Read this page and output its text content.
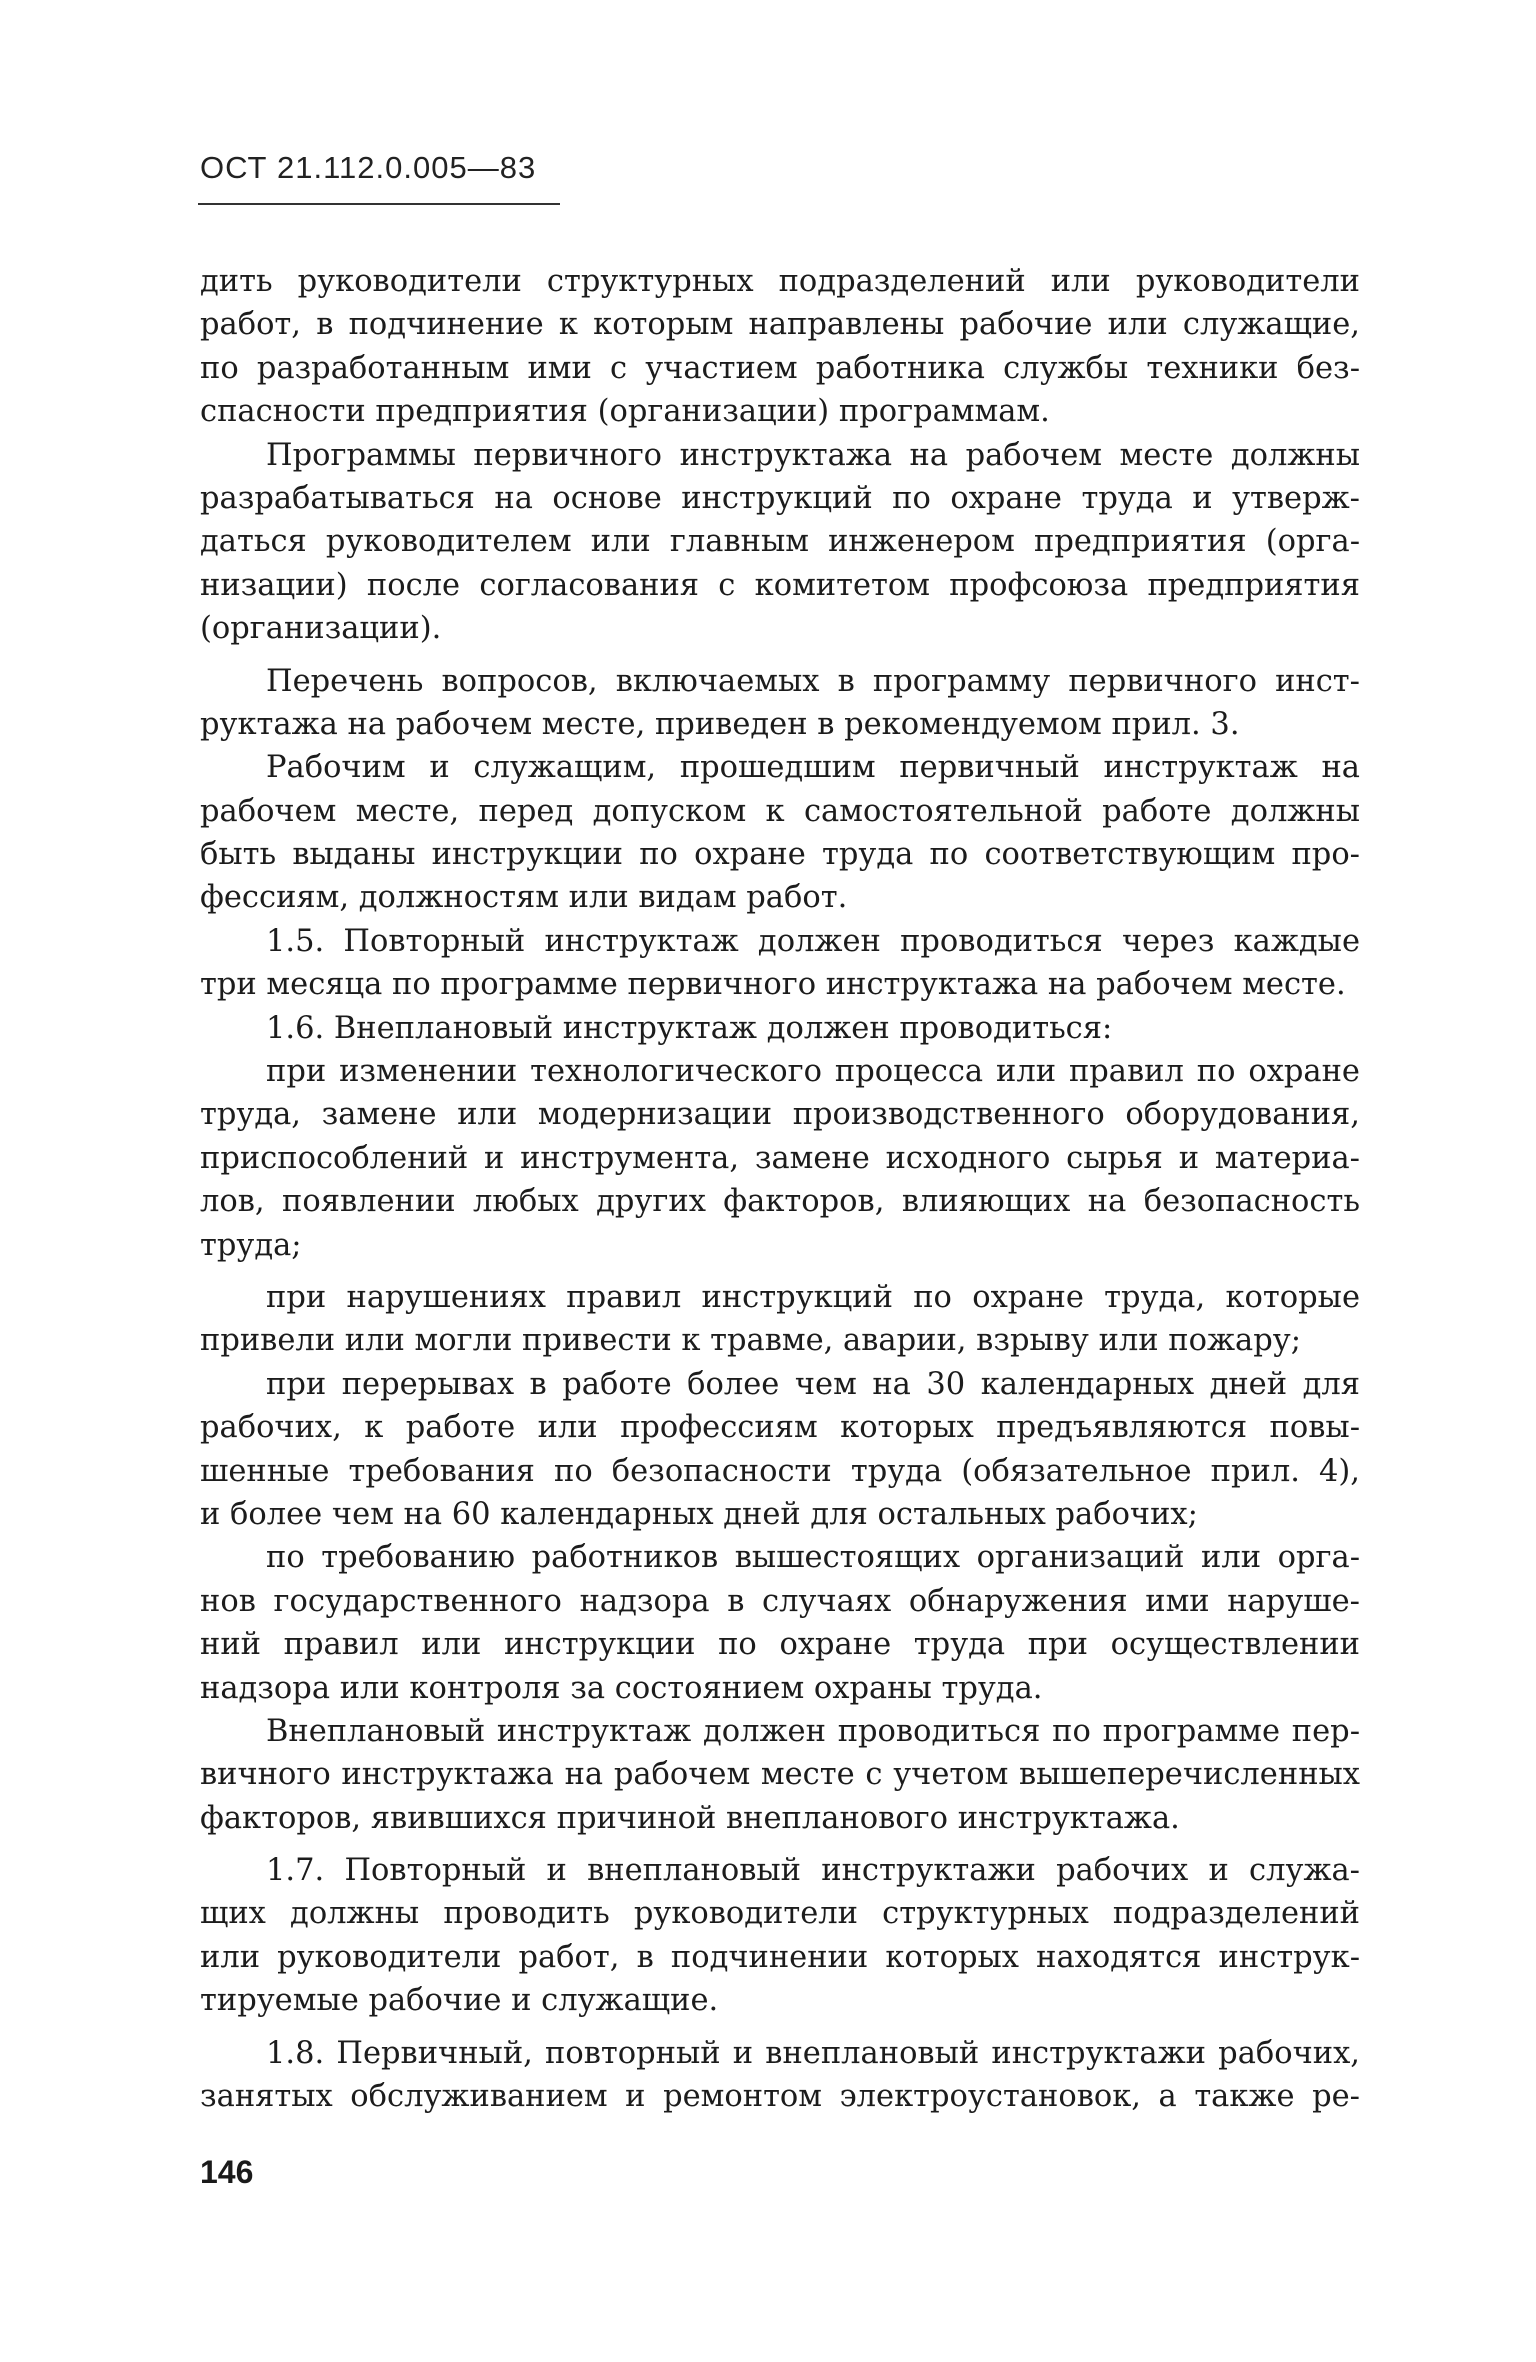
ОСТ 21.112.0.005—83
дить руководители структурных подразделений или руководители
работ, в подчинение к которым направлены рабочие или служащие,
по разработанным ими с участием работника службы техники без-
спасности предприятия (организации) программам.
Программы первичного инструктажа на рабочем месте должны
разрабатываться на основе инструкций по охране труда и утверж-
даться руководителем или главным инженером предприятия (орга-
низации) после согласования с комитетом профсоюза предприятия
(организации).
Перечень вопросов, включаемых в программу первичного инст-
руктажа на рабочем месте, приведен в рекомендуемом прил. 3.
Рабочим и служащим, прошедшим первичный инструктаж на
рабочем месте, перед допуском к самостоятельной работе должны
быть выданы инструкции по охране труда по соответствующим про-
фессиям, должностям или видам работ.
1.5. Повторный инструктаж должен проводиться через каждые
три месяца по программе первичного инструктажа на рабочем месте.
1.6. Внеплановый инструктаж должен проводиться:
при изменении технологического процесса или правил по охране
труда, замене или модернизации производственного оборудования,
приспособлений и инструмента, замене исходного сырья и материа-
лов, появлении любых других факторов, влияющих на безопасность
труда;
при нарушениях правил инструкций по охране труда, которые
привели или могли привести к травме, аварии, взрыву или пожару;
при перерывах в работе более чем на 30 календарных дней для
рабочих, к работе или профессиям которых предъявляются повы-
шенные требования по безопасности труда (обязательное прил. 4),
и более чем на 60 календарных дней для остальных рабочих;
по требованию работников вышестоящих организаций или орга-
нов государственного надзора в случаях обнаружения ими наруше-
ний правил или инструкции по охране труда при осуществлении
надзора или контроля за состоянием охраны труда.
Внеплановый инструктаж должен проводиться по программе пер-
вичного инструктажа на рабочем месте с учетом вышеперечисленных
факторов, явившихся причиной внепланового инструктажа.
1.7. Повторный и внеплановый инструктажи рабочих и служа-
щих должны проводить руководители структурных подразделений
или руководители работ, в подчинении которых находятся инструк-
тируемые рабочие и служащие.
1.8. Первичный, повторный и внеплановый инструктажи рабочих,
занятых обслуживанием и ремонтом электроустановок, а также ре-
146
